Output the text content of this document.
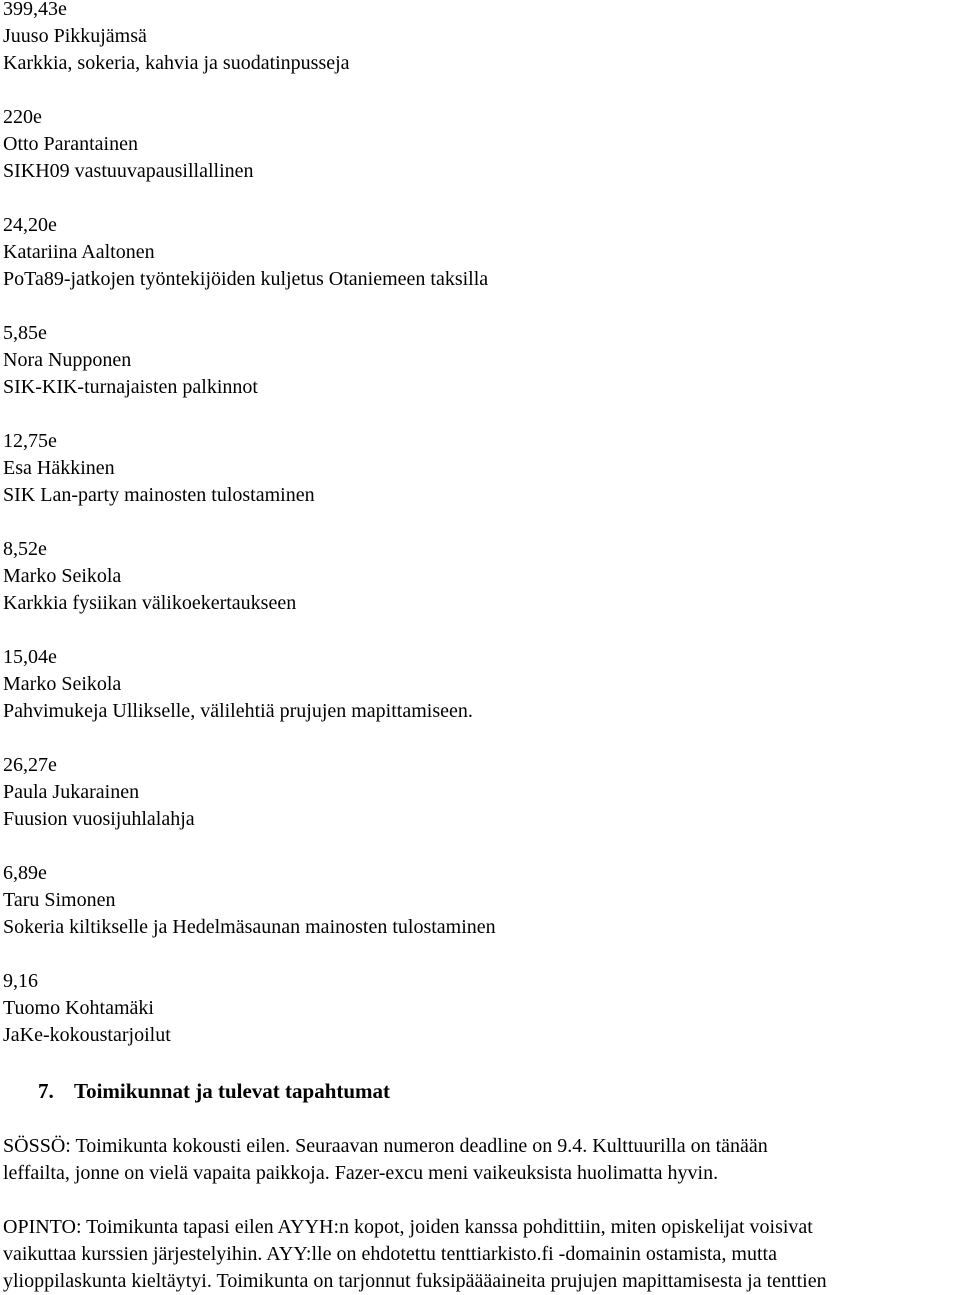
399,43e
Juuso Pikkujämsä
Karkkia, sokeria, kahvia ja suodatinpusseja
220e
Otto Parantainen
SIKH09 vastuuvapausillallinen
24,20e
Katariina Aaltonen
PoTa89-jatkojen työntekijöiden kuljetus Otaniemeen taksilla
5,85e
Nora Nupponen
SIK-KIK-turnajaisten palkinnot
12,75e
Esa Häkkinen
SIK Lan-party mainosten tulostaminen
8,52e
Marko Seikola
Karkkia fysiikan välikoekertaukseen
15,04e
Marko Seikola
Pahvimukeja Ullikselle, välilehtiä prujujen mapittamiseen.
26,27e
Paula Jukarainen
Fuusion vuosijuhlalahja
6,89e
Taru Simonen
Sokeria kiltikselle ja Hedelmäsaunan mainosten tulostaminen
9,16
Tuomo Kohtamäki
JaKe-kokoustarjoilut
7. Toimikunnat ja tulevat tapahtumat
SÖSSÖ: Toimikunta kokousti eilen. Seuraavan numeron deadline on 9.4. Kulttuurilla on tänään
leffailta, jonne on vielä vapaita paikkoja. Fazer-excu meni vaikeuksista huolimatta hyvin.
OPINTO: Toimikunta tapasi eilen AYYH:n kopot, joiden kanssa pohdittiin, miten opiskelijat voisivat
vaikuttaa kurssien järjestelyihin. AYY:lle on ehdotettu tenttiarkisto.fi -domainin ostamista, mutta
ylioppilaskunta kieltäytyi. Toimikunta on tarjonnut fuksipäääaineita prujujen mapittamisesta ja tenttien
